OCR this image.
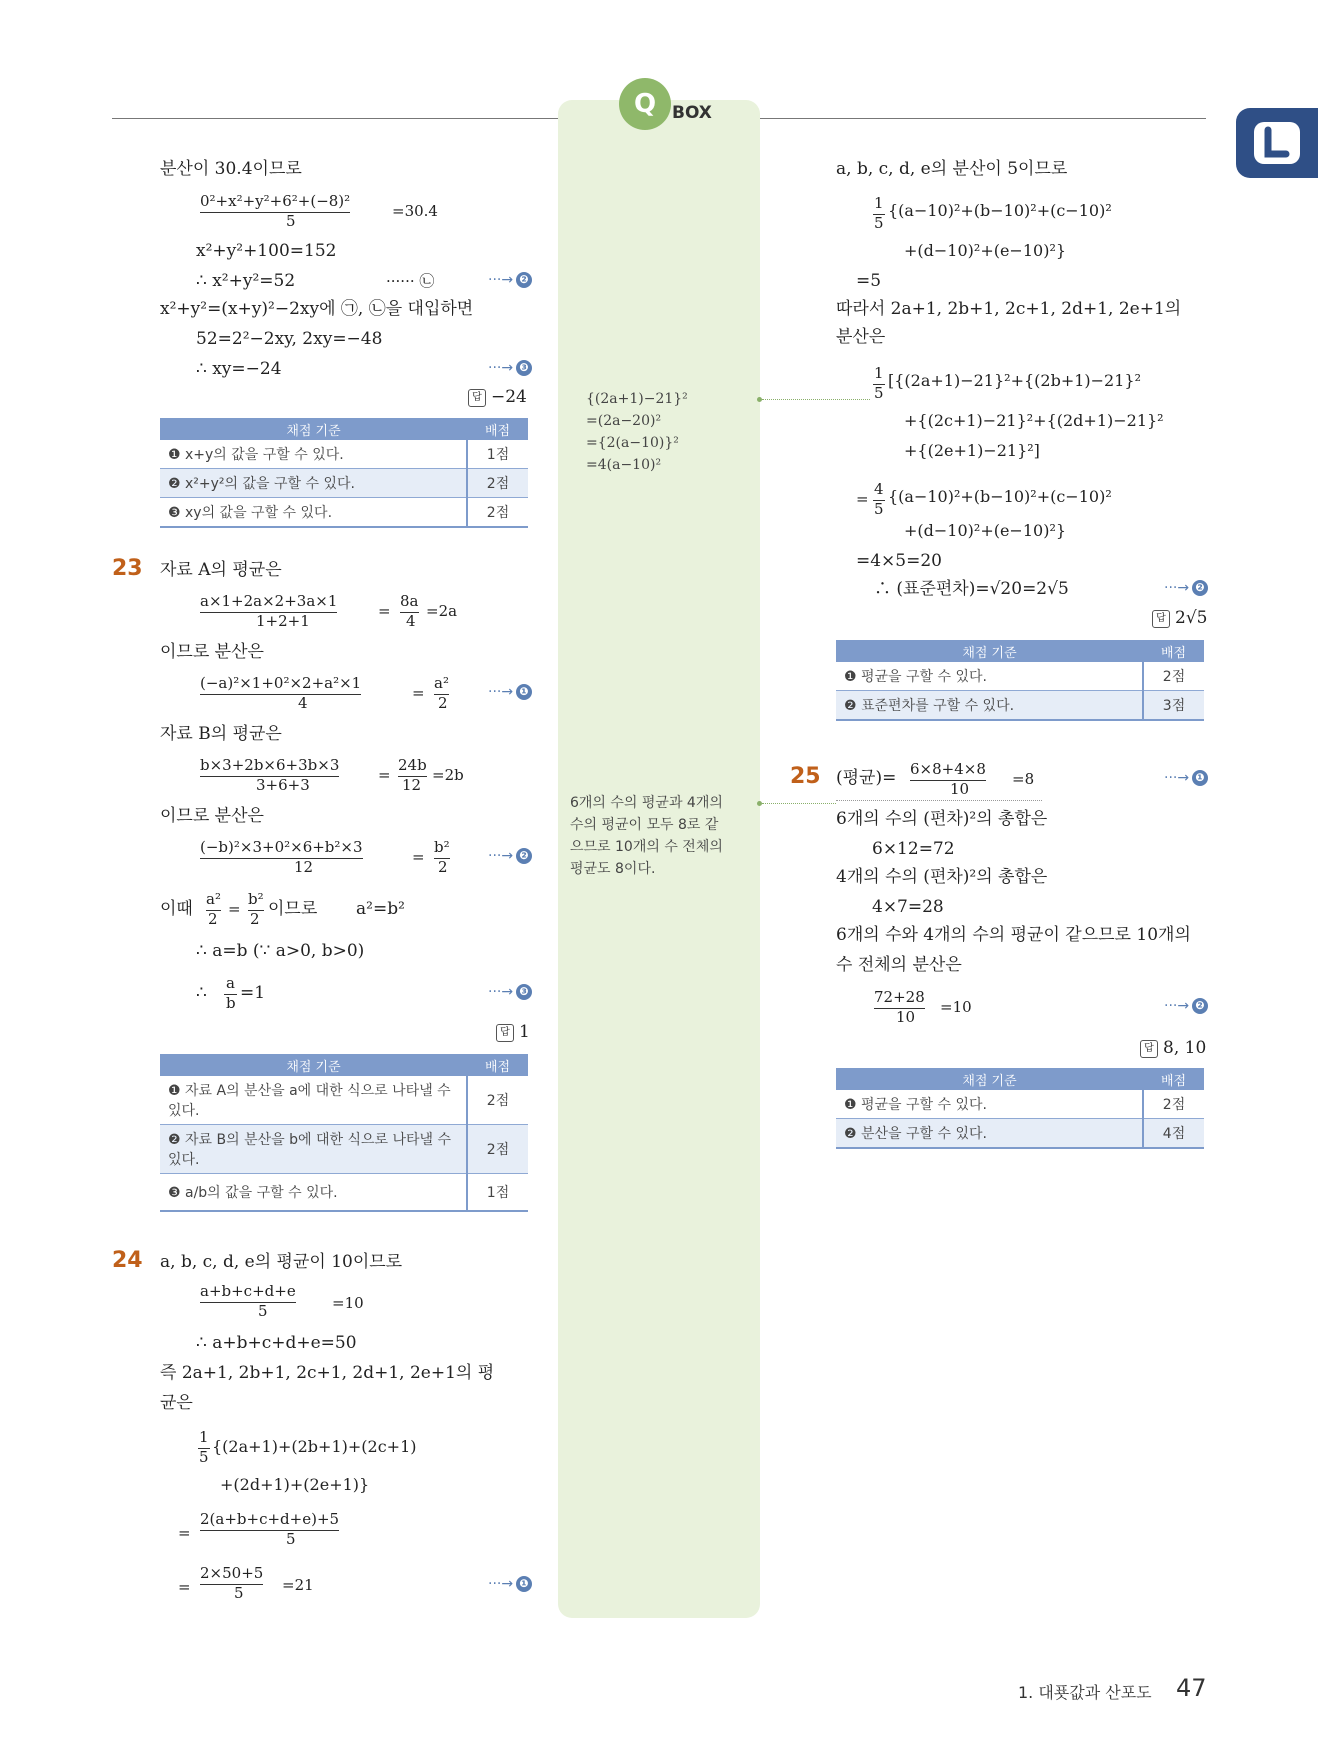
Q BOX
분산이 30.4이므로
0²+x²+y²+6²+(−8)²
5
=30.4
x²+y²+100=152
∴ x²+y²=52	······ ㉡	···→ ❷
x²+y²=(x+y)²−2xy에 ㉠, ㉡을 대입하면
52=2²−2xy, 2xy=−48
∴ xy=−24	···→ ❸
답 −24
채점 기준	배점
❶ x+y의 값을 구할 수 있다.	1점
❷ x²+y²의 값을 구할 수 있다.	2점
❸ xy의 값을 구할 수 있다.	2점
23 자료 A의 평균은
a×1+2a×2+3a×1
1+2+1
=
8a
4
=2a
이므로 분산은
(−a)²×1+0²×2+a²×1
4
=
a²
2
···→ ❶
자료 B의 평균은
b×3+2b×6+3b×3
3+6+3
=
24b
12
=2b
이므로 분산은
(−b)²×3+0²×6+b²×3
12
=
b²
2
···→ ❷
이때 a²
2
=
b²
2 이므로 a²=b²
∴ a=b (∵ a>0, b>0)
∴ a
b =1	···→ ❸
답 1
채점 기준	배점
❶ 자료 A의 분산을 a에 대한 식으로 나타낼 수 있다.	2점
❷ 자료 B의 분산을 b에 대한 식으로 나타낼 수 있다.	2점
❸ a/b의 값을 구할 수 있다.	1점
24 a, b, c, d, e의 평균이 10이므로
a+b+c+d+e
5	=10
∴ a+b+c+d+e=50
즉 2a+1, 2b+1, 2c+1, 2d+1, 2e+1의 평
균은
1
5
{(2a+1)+(2b+1)+(2c+1)
+(2d+1)+(2e+1)}
=
2(a+b+c+d+e)+5
5
=
2×50+5
5	=21	···→ ❶
{(2a+1)−21}²
=(2a−20)²
={2(a−10)}²
=4(a−10)²
6개의 수의 평균과 4개의
수의 평균이 모두 8로 같
으므로 10개의 수 전체의
평균도 8이다.
a, b, c, d, e의 분산이 5이므로
1
5
{(a−10)²+(b−10)²+(c−10)²
+(d−10)²+(e−10)²}
=5
따라서 2a+1, 2b+1, 2c+1, 2d+1, 2e+1의
분산은
1
5
[{(2a+1)−21}²+{(2b+1)−21}²
+{(2c+1)−21}²+{(2d+1)−21}²
+{(2e+1)−21}²]
=
4
5
{(a−10)²+(b−10)²+(c−10)²
+(d−10)²+(e−10)²}
=4×5=20
∴ (표준편차)=√20=2√5	···→ ❷
답 2√5
채점 기준	배점
❶ 평균을 구할 수 있다.	2점
❷ 표준편차를 구할 수 있다.	3점
25 (평균)= 6×8+4×8
10
=8	···→ ❶
6개의 수의 (편차)²의 총합은
6×12=72
4개의 수의 (편차)²의 총합은
4×7=28
6개의 수와 4개의 수의 평균이 같으므로 10개의
수 전체의 분산은
72+28
10
=10	···→ ❷
답 8, 10
채점 기준	배점
❶ 평균을 구할 수 있다.	2점
❷ 분산을 구할 수 있다.	4점
1. 대푯값과 산포도 47
